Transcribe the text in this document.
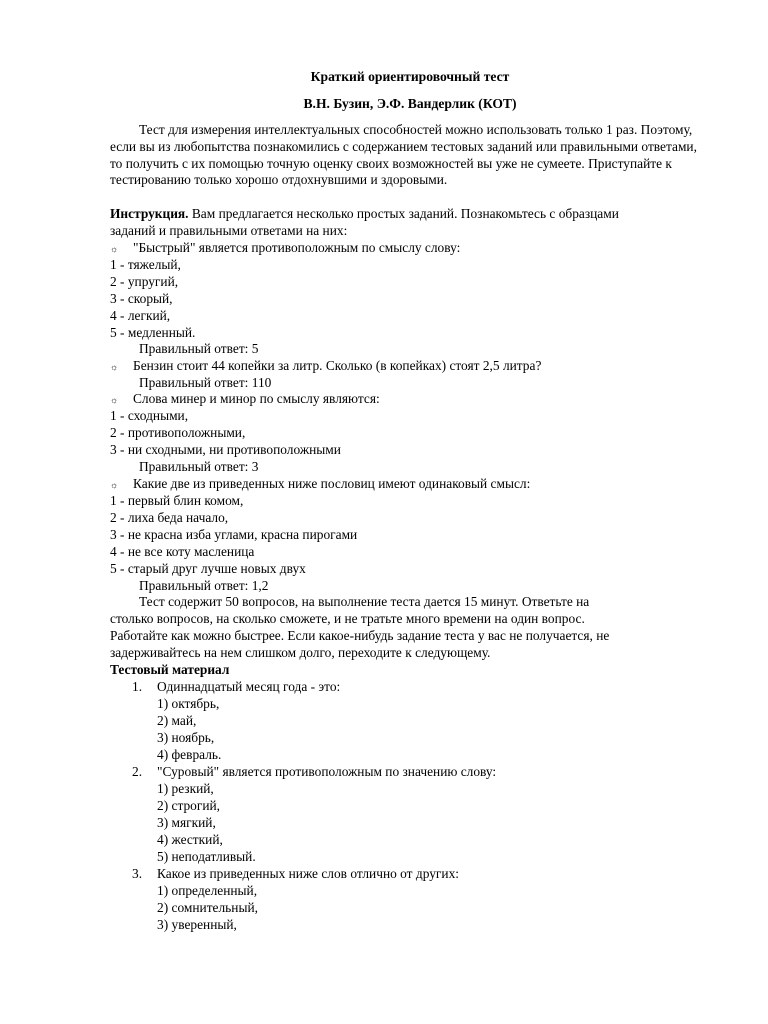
Краткий ориентировочный тест
В.Н. Бузин, Э.Ф. Вандерлик (КОТ)
Тест для измерения интеллектуальных способностей можно использовать только 1 раз. Поэтому, если вы из любопытства познакомились с содержанием тестовых заданий или правильными ответами, то получить с их помощью точную оценку своих возможностей вы уже не сумеете. Приступайте к тестированию только хорошо отдохнувшими и здоровыми.
Инструкция. Вам предлагается несколько простых заданий. Познакомьтесь с образцами
заданий и правильными ответами на них:
☼ "Быстрый" является противоположным по смыслу слову:
1 - тяжелый,
2 - упругий,
3 - скорый,
4 - легкий,
5 - медленный.
Правильный ответ: 5
☼ Бензин стоит 44 копейки за литр. Сколько (в копейках) стоят 2,5 литра?
Правильный ответ: 110
☼ Слова минер и минор по смыслу являются:
1 - сходными,
2 - противоположными,
3 - ни сходными, ни противоположными
Правильный ответ: 3
☼ Какие две из приведенных ниже пословиц имеют одинаковый смысл:
1 - первый блин комом,
2 - лиха беда начало,
3 - не красна изба углами, красна пирогами
4 - не все коту масленица
5 - старый друг лучше новых двух
Правильный ответ: 1,2
Тест содержит 50 вопросов, на выполнение теста дается 15 минут. Ответьте на
столько вопросов, на сколько сможете, и не тратьте много времени на один вопрос.
Работайте как можно быстрее. Если какое-нибудь задание теста у вас не получается, не
задерживайтесь на нем слишком долго, переходите к следующему.
Тестовый материал
1. Одиннадцатый месяц года - это:
1) октябрь,
2) май,
3) ноябрь,
4) февраль.
2. "Суровый" является противоположным по значению слову:
1) резкий,
2) строгий,
3) мягкий,
4) жесткий,
5) неподатливый.
3. Какое из приведенных ниже слов отлично от других:
1) определенный,
2) сомнительный,
3) уверенный,
